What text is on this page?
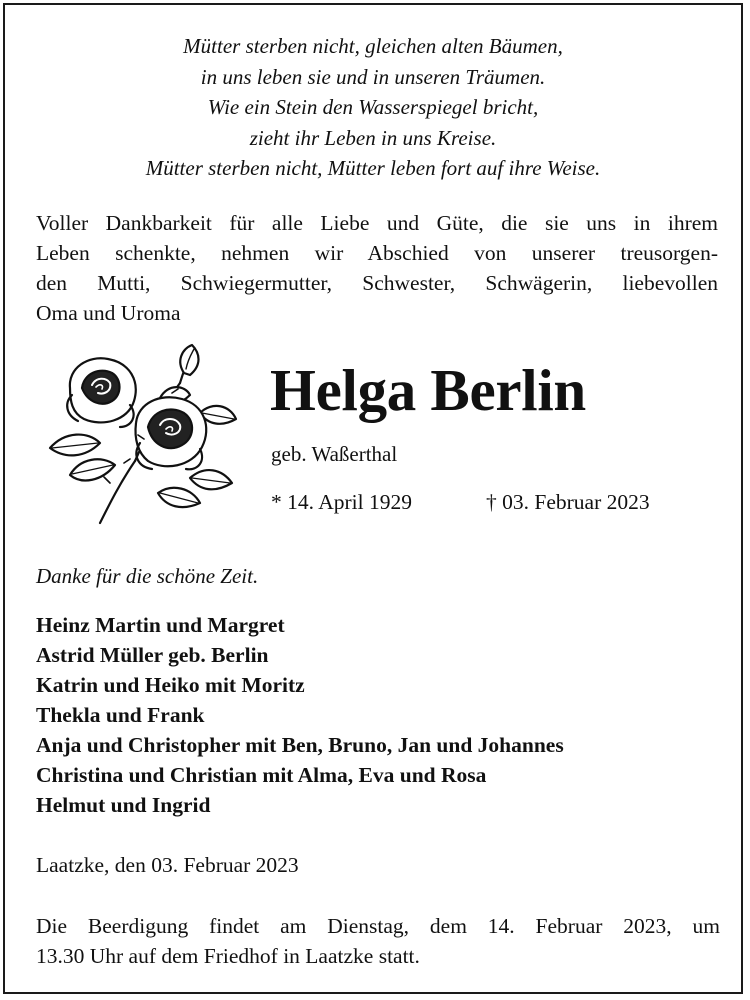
Mütter sterben nicht, gleichen alten Bäumen,
in uns leben sie und in unseren Träumen.
Wie ein Stein den Wasserspiegel bricht,
zieht ihr Leben in uns Kreise.
Mütter sterben nicht, Mütter leben fort auf ihre Weise.
Voller Dankbarkeit für alle Liebe und Güte, die sie uns in ihrem
Leben schenkte, nehmen wir Abschied von unserer treusorgen-
den Mutti, Schwiegermutter, Schwester, Schwägerin, liebevollen
Oma und Uroma
Helga Berlin
geb. Waßerthal
* 14. April 1929	† 03. Februar 2023
Danke für die schöne Zeit.
Heinz Martin und Margret
Astrid Müller geb. Berlin
Katrin und Heiko mit Moritz
Thekla und Frank
Anja und Christopher mit Ben, Bruno, Jan und Johannes
Christina und Christian mit Alma, Eva und Rosa
Helmut und Ingrid
Laatzke, den 03. Februar 2023
Die Beerdigung findet am Dienstag, dem 14. Februar 2023, um
13.30 Uhr auf dem Friedhof in Laatzke statt.
